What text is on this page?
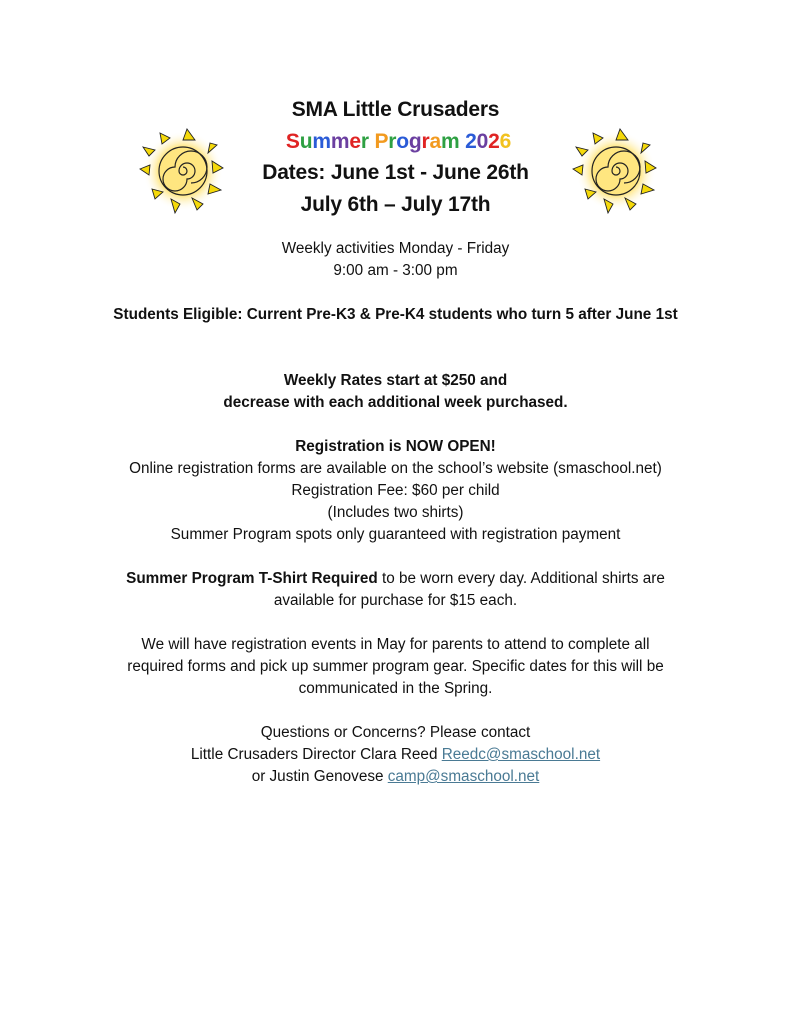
SMA Little Crusaders
Summer Program 2026
Dates: June 1st - June 26th
July 6th – July 17th
Weekly activities Monday - Friday
9:00 am - 3:00 pm
Students Eligible: Current Pre-K3 & Pre-K4 students who turn 5 after June 1st
Weekly Rates start at $250 and
decrease with each additional week purchased.
Registration is NOW OPEN!
Online registration forms are available on the school’s website (smaschool.net)
Registration Fee: $60 per child
(Includes two shirts)
Summer Program spots only guaranteed with registration payment
Summer Program T-Shirt Required to be worn every day. Additional shirts are
available for purchase for $15 each.
We will have registration events in May for parents to attend to complete all
required forms and pick up summer program gear. Specific dates for this will be
communicated in the Spring.
Questions or Concerns? Please contact
Little Crusaders Director Clara Reed Reedc@smaschool.net
or Justin Genovese camp@smaschool.net
